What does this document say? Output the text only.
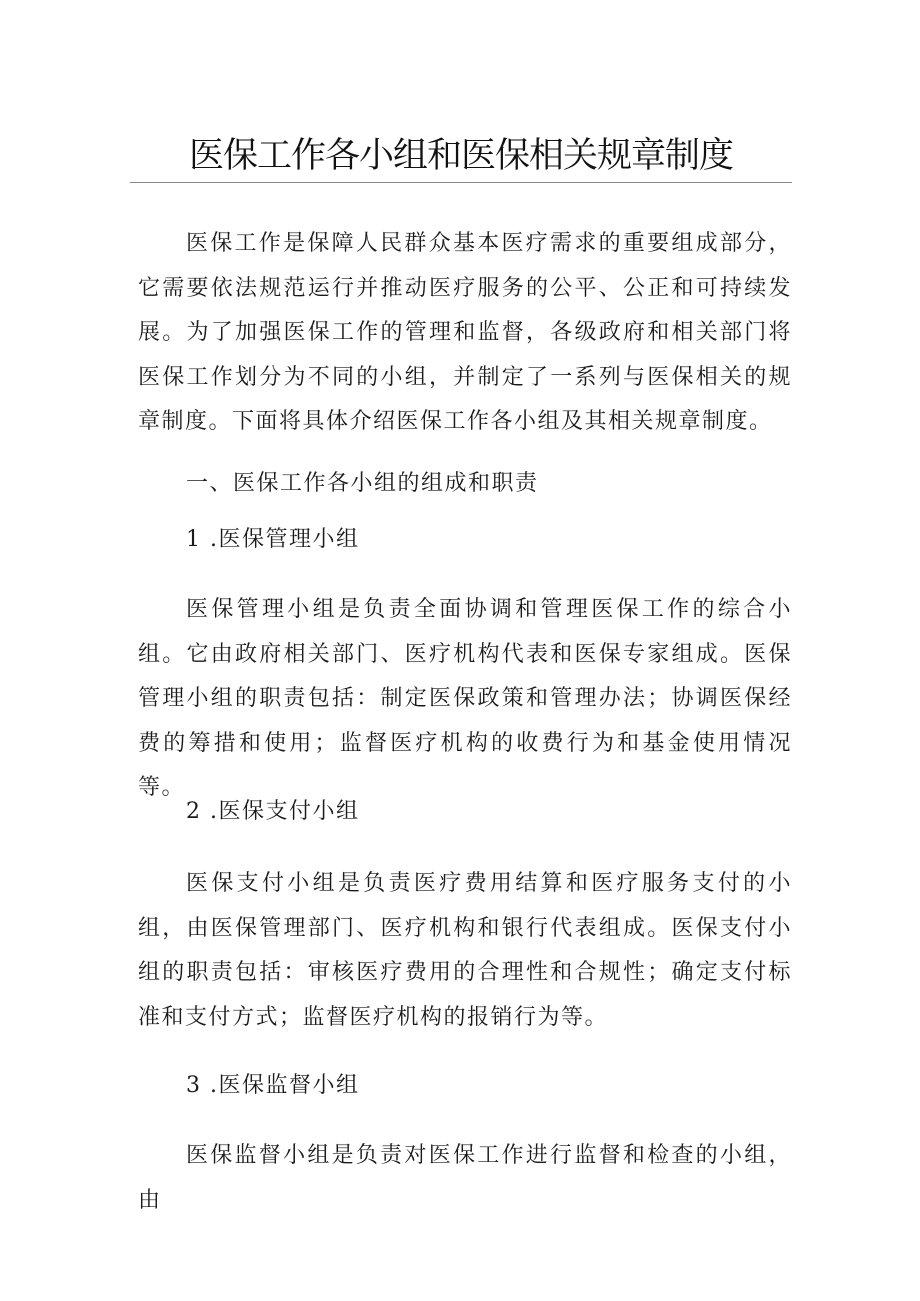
医保工作各小组和医保相关规章制度

医保工作是保障人民群众基本医疗需求的重要组成部分，它需要依法规范运行并推动医疗服务的公平、公正和可持续发展。为了加强医保工作的管理和监督，各级政府和相关部门将医保工作划分为不同的小组，并制定了一系列与医保相关的规章制度。下面将具体介绍医保工作各小组及其相关规章制度。

一、医保工作各小组的组成和职责

1 .医保管理小组

医保管理小组是负责全面协调和管理医保工作的综合小组。它由政府相关部门、医疗机构代表和医保专家组成。医保管理小组的职责包括：制定医保政策和管理办法；协调医保经费的筹措和使用；监督医疗机构的收费行为和基金使用情况等。

2 .医保支付小组

医保支付小组是负责医疗费用结算和医疗服务支付的小组，由医保管理部门、医疗机构和银行代表组成。医保支付小组的职责包括：审核医疗费用的合理性和合规性；确定支付标准和支付方式；监督医疗机构的报销行为等。

3 .医保监督小组

医保监督小组是负责对医保工作进行监督和检查的小组，由
